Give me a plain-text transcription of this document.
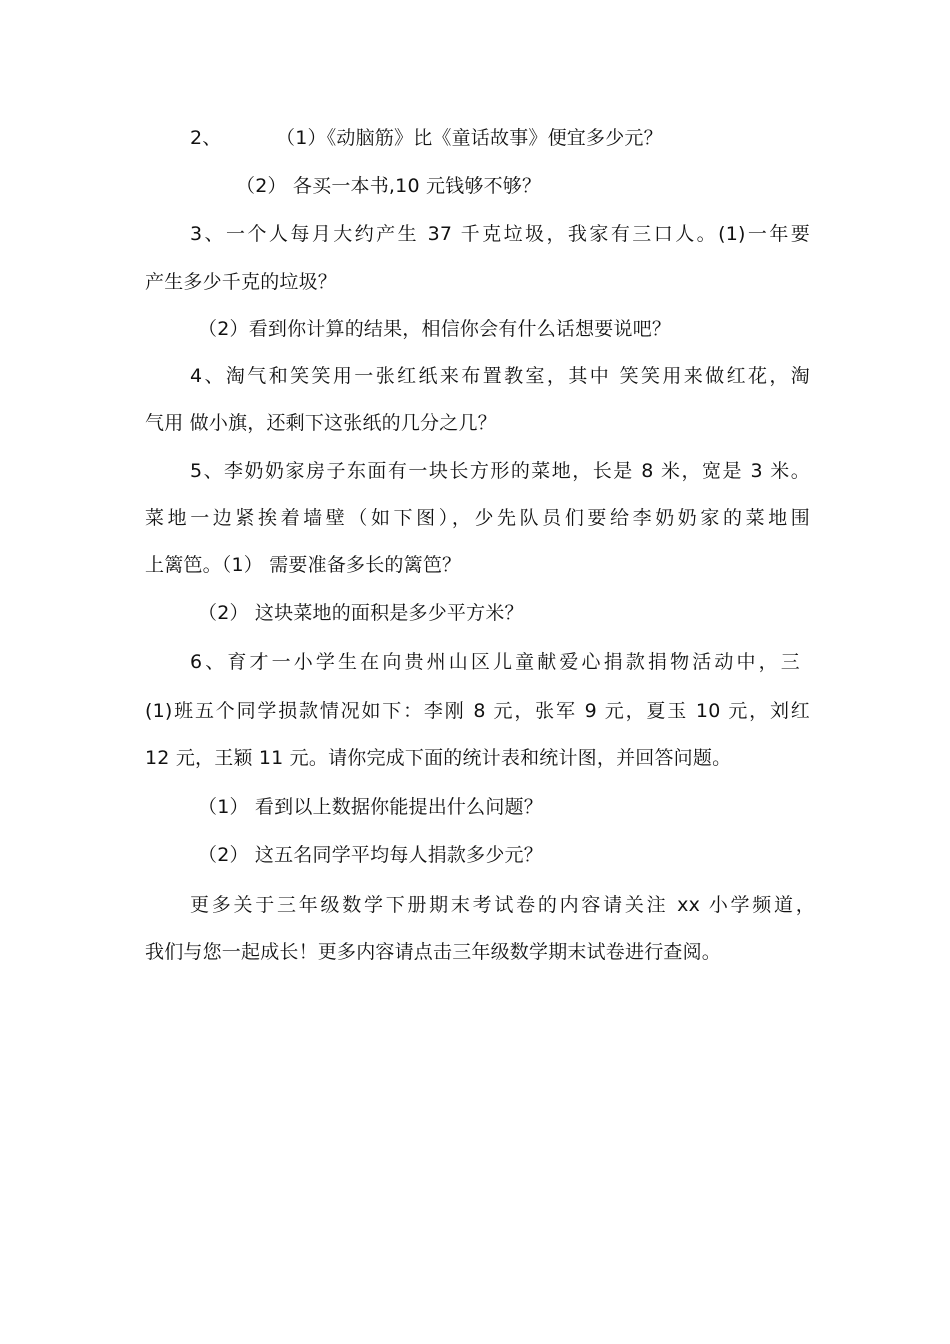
2、	（1）《动脑筋》比《童话故事》便宜多少元？
（2） 各买一本书,10 元钱够不够？
3、一个人每月大约产生 37 千克垃圾，我家有三口人。(1)一年要
产生多少千克的垃圾？
（2）看到你计算的结果，相信你会有什么话想要说吧？
4、淘气和笑笑用一张红纸来布置教室，其中 笑笑用来做红花，淘
气用 做小旗，还剩下这张纸的几分之几？
5、李奶奶家房子东面有一块长方形的菜地，长是 8 米，宽是 3 米。
菜地一边紧挨着墙壁（如下图），少先队员们要给李奶奶家的菜地围
上篱笆。（1） 需要准备多长的篱笆？
（2） 这块菜地的面积是多少平方米？
6、育才一小学生在向贵州山区儿童献爱心捐款捐物活动中，三
(1)班五个同学损款情况如下：李刚 8 元，张军 9 元，夏玉 10 元，刘红
12 元，王颖 11 元。请你完成下面的统计表和统计图，并回答问题。
（1） 看到以上数据你能提出什么问题？
（2） 这五名同学平均每人捐款多少元？
更多关于三年级数学下册期末考试卷的内容请关注 xx 小学频道，
我们与您一起成长！更多内容请点击三年级数学期末试卷进行查阅。
